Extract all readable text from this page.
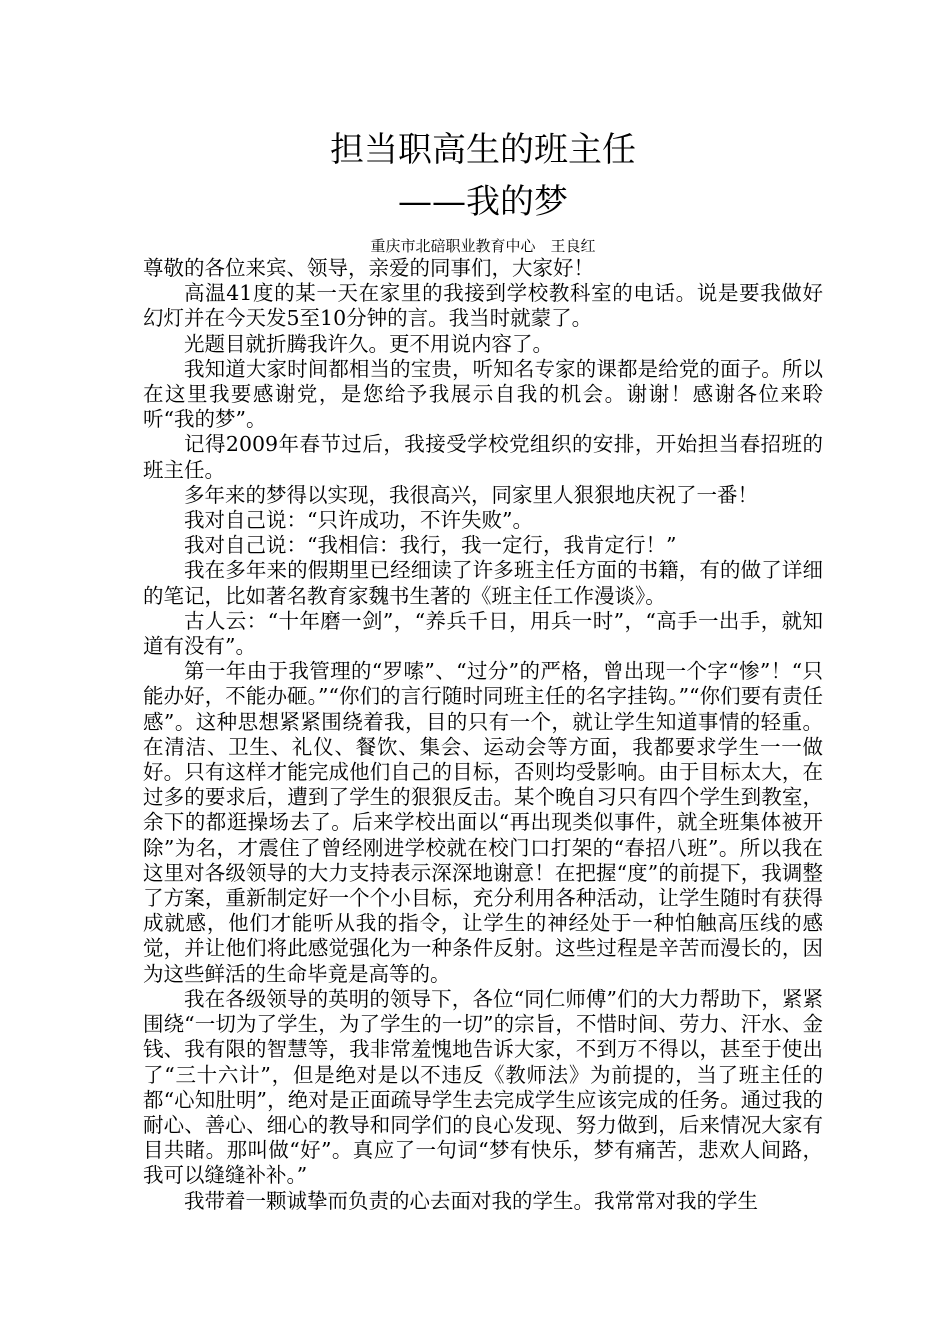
担当职高生的班主任
——我的梦

重庆市北碚职业教育中心　王良红

尊敬的各位来宾、领导，亲爱的同事们，大家好！

高温41度的某一天在家里的我接到学校教科室的电话。说是要我做好幻灯并在今天发5至10分钟的言。我当时就蒙了。

光题目就折腾我许久。更不用说内容了。

我知道大家时间都相当的宝贵，听知名专家的课都是给党的面子。所以在这里我要感谢党，是您给予我展示自我的机会。谢谢！感谢各位来聆听“我的梦”。

记得2009年春节过后，我接受学校党组织的安排，开始担当春招班的班主任。

多年来的梦得以实现，我很高兴，同家里人狠狠地庆祝了一番！

我对自己说：“只许成功，不许失败”。

我对自己说：“我相信：我行，我一定行，我肯定行！”

我在多年来的假期里已经细读了许多班主任方面的书籍，有的做了详细的笔记，比如著名教育家魏书生著的《班主任工作漫谈》。

古人云：“十年磨一剑”，“养兵千日，用兵一时”，“高手一出手，就知道有没有”。

第一年由于我管理的“罗嗦”、“过分”的严格，曾出现一个字“惨”！“只能办好，不能办砸。”“你们的言行随时同班主任的名字挂钩。”“你们要有责任感”。这种思想紧紧围绕着我，目的只有一个，就让学生知道事情的轻重。在清洁、卫生、礼仪、餐饮、集会、运动会等方面，我都要求学生一一做好。只有这样才能完成他们自己的目标，否则均受影响。由于目标太大，在过多的要求后，遭到了学生的狠狠反击。某个晚自习只有四个学生到教室，余下的都逛操场去了。后来学校出面以“再出现类似事件，就全班集体被开除”为名，才震住了曾经刚进学校就在校门口打架的“春招八班”。所以我在这里对各级领导的大力支持表示深深地谢意！在把握“度”的前提下，我调整了方案，重新制定好一个个小目标，充分利用各种活动，让学生随时有获得成就感，他们才能听从我的指令，让学生的神经处于一种怕触高压线的感觉，并让他们将此感觉强化为一种条件反射。这些过程是辛苦而漫长的，因为这些鲜活的生命毕竟是高等的。

我在各级领导的英明的领导下，各位“同仁师傅”们的大力帮助下，紧紧围绕“一切为了学生，为了学生的一切”的宗旨，不惜时间、劳力、汗水、金钱、我有限的智慧等，我非常羞愧地告诉大家，不到万不得以，甚至于使出了“三十六计”，但是绝对是以不违反《教师法》为前提的，当了班主任的都“心知肚明”，绝对是正面疏导学生去完成学生应该完成的任务。通过我的耐心、善心、细心的教导和同学们的良心发现、努力做到，后来情况大家有目共睹。那叫做“好”。真应了一句词“梦有快乐，梦有痛苦，悲欢人间路，我可以缝缝补补。”

我带着一颗诚挚而负责的心去面对我的学生。我常常对我的学生
